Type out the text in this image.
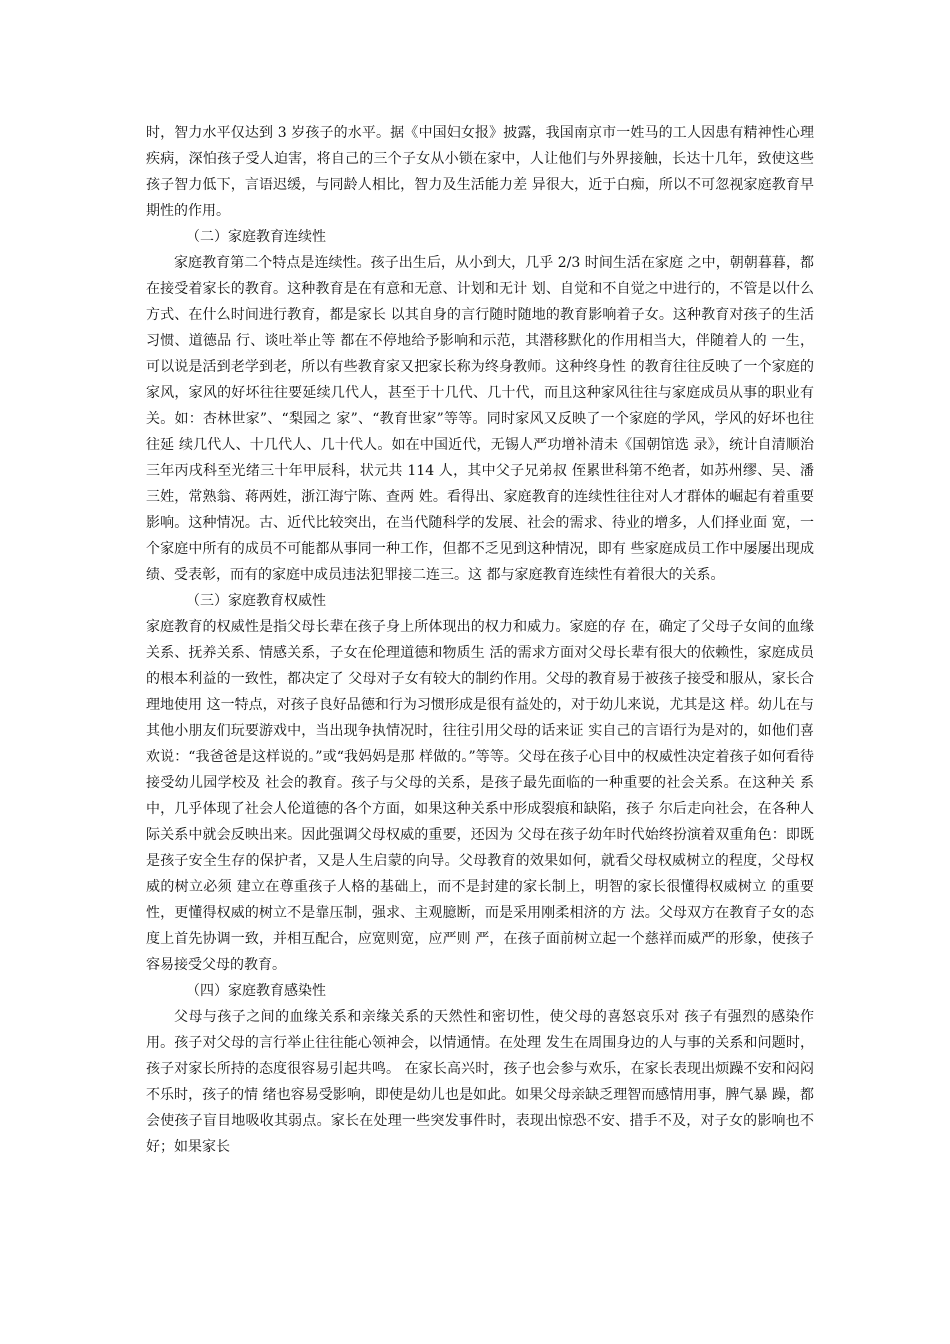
时，智力水平仅达到 3 岁孩子的水平。据《中国妇女报》披露，我国南京市一姓马的工人因患有精神性心理 疾病，深怕孩子受人迫害，将自己的三个子女从小锁在家中，人让他们与外界接触，长达十几年，致使这些孩子智力低下，言语迟缓，与同龄人相比，智力及生活能力差 异很大，近于白痴，所以不可忽视家庭教育早期性的作用。

（二）家庭教育连续性

家庭教育第二个特点是连续性。孩子出生后，从小到大，几乎 2/3 时间生活在家庭 之中，朝朝暮暮，都在接受着家长的教育。这种教育是在有意和无意、计划和无计 划、自觉和不自觉之中进行的，不管是以什么方式、在什么时间进行教育，都是家长 以其自身的言行随时随地的教育影响着子女。这种教育对孩子的生活习惯、道德品 行、谈吐举止等 都在不停地给予影响和示范，其潜移默化的作用相当大，伴随着人的 一生，可以说是活到老学到老，所以有些教育家又把家长称为终身教师。这种终身性 的教育往往反映了一个家庭的家风，家风的好坏往往要延续几代人，甚至于十几代、几十代，而且这种家风往往与家庭成员从事的职业有关。如：杏林世家”、“梨园之 家”、“教育世家”等等。同时家风又反映了一个家庭的学风，学风的好坏也往往延 续几代人、十几代人、几十代人。如在中国近代，无锡人严功增补清未《国朝馆选 录》，统计自清顺治三年丙戌科至光绪三十年甲辰科，状元共 114 人，其中父子兄弟叔 侄累世科第不绝者，如苏州缪、吴、潘三姓，常熟翁、蒋两姓，浙江海宁陈、查两 姓。看得出、家庭教育的连续性往往对人才群体的崛起有着重要影响。这种情况。古、近代比较突出，在当代随科学的发展、社会的需求、待业的增多，人们择业面 宽，一个家庭中所有的成员不可能都从事同一种工作，但都不乏见到这种情况，即有 些家庭成员工作中屡屡出现成绩、受表彰，而有的家庭中成员违法犯罪接二连三。这 都与家庭教育连续性有着很大的关系。

（三）家庭教育权威性

家庭教育的权威性是指父母长辈在孩子身上所体现出的权力和威力。家庭的存 在，确定了父母子女间的血缘关系、抚养关系、情感关系，子女在伦理道德和物质生 活的需求方面对父母长辈有很大的依赖性，家庭成员的根本利益的一致性，都决定了 父母对子女有较大的制约作用。父母的教育易于被孩子接受和服从，家长合理地使用 这一特点，对孩子良好品德和行为习惯形成是很有益处的，对于幼儿来说，尤其是这 样。幼儿在与其他小朋友们玩要游戏中，当出现争执情况时，往往引用父母的话来证 实自己的言语行为是对的，如他们喜欢说：“我爸爸是这样说的。”或“我妈妈是那 样做的。”等等。父母在孩子心目中的权威性决定着孩子如何看待接受幼儿园学校及 社会的教育。孩子与父母的关系，是孩子最先面临的一种重要的社会关系。在这种关 系中，几乎体现了社会人伦道德的各个方面，如果这种关系中形成裂痕和缺陷，孩子 尔后走向社会，在各种人际关系中就会反映出来。因此强调父母权威的重要，还因为 父母在孩子幼年时代始终扮演着双重角色：即既是孩子安全生存的保护者，又是人生启蒙的向导。父母教育的效果如何，就看父母权威树立的程度，父母权威的树立必须 建立在尊重孩子人格的基础上，而不是封建的家长制上，明智的家长很懂得权威树立 的重要性，更懂得权威的树立不是靠压制，强求、主观臆断，而是采用刚柔相济的方 法。父母双方在教育子女的态度上首先协调一致，并相互配合，应宽则宽，应严则 严，在孩子面前树立起一个慈祥而威严的形象，使孩子容易接受父母的教育。

（四）家庭教育感染性

父母与孩子之间的血缘关系和亲缘关系的天然性和密切性，使父母的喜怒哀乐对 孩子有强烈的感染作用。孩子对父母的言行举止往往能心领神会，以情通情。在处理 发生在周围身边的人与事的关系和问题时，孩子对家长所持的态度很容易引起共鸣。 在家长高兴时，孩子也会参与欢乐，在家长表现出烦躁不安和闷闷不乐时，孩子的情 绪也容易受影响，即使是幼儿也是如此。如果父母亲缺乏理智而感情用事，脾气暴 躁，都 会使孩子盲目地吸收其弱点。家长在处理一些突发事件时，表现出惊恐不安、措手不及，对子女的影响也不好；如果家长
